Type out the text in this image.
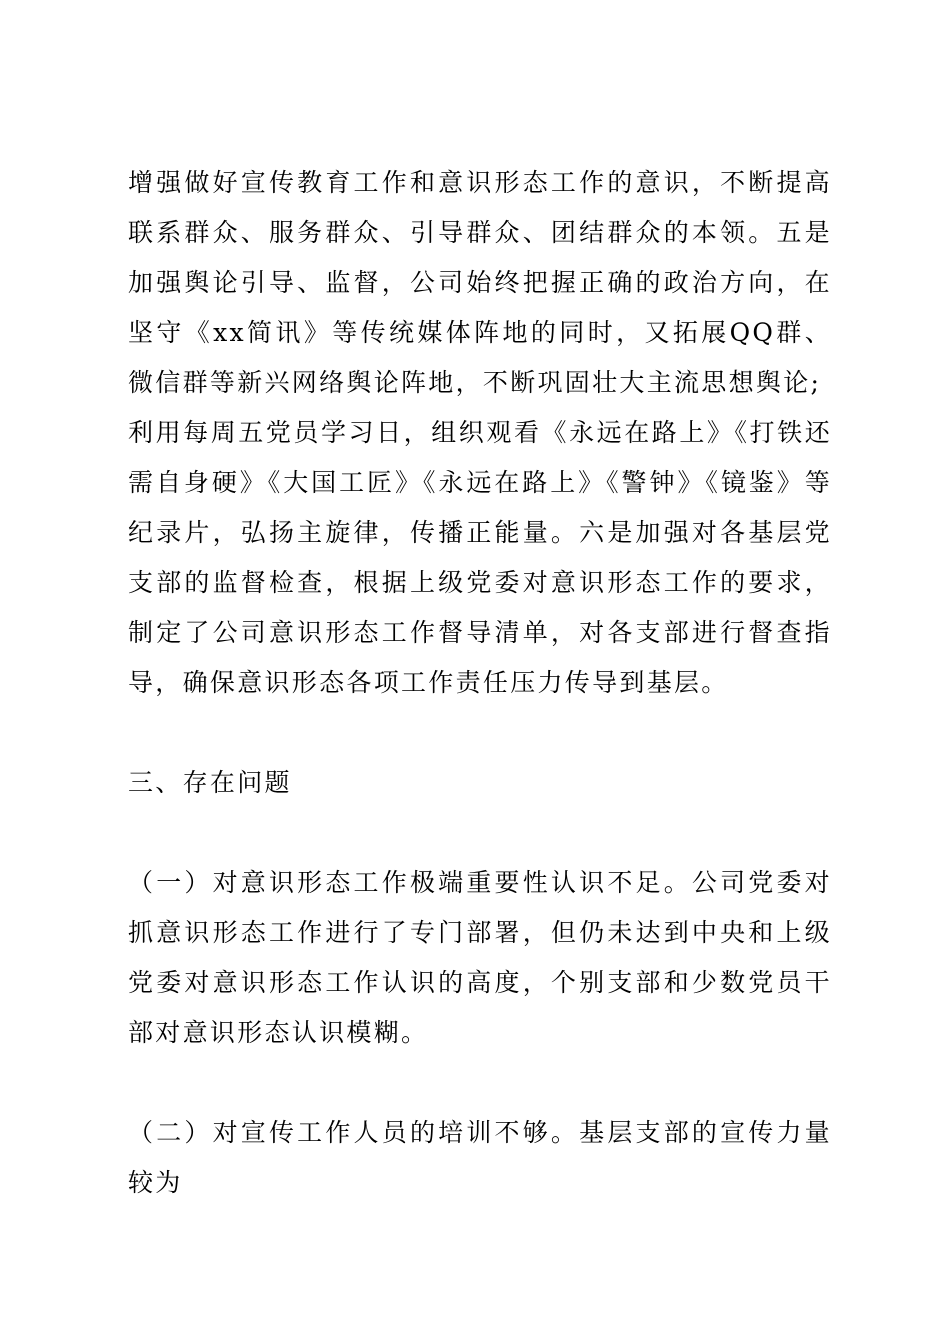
增强做好宣传教育工作和意识形态工作的意识，不断提高联系群众、服务群众、引导群众、团结群众的本领。五是加强舆论引导、监督，公司始终把握正确的政治方向，在坚守《xx简讯》等传统媒体阵地的同时，又拓展QQ群、微信群等新兴网络舆论阵地，不断巩固壮大主流思想舆论;

利用每周五党员学习日，组织观看《永远在路上》《打铁还需自身硬》《大国工匠》《永远在路上》《警钟》《镜鉴》等纪录片，弘扬主旋律，传播正能量。六是加强对各基层党支部的监督检查，根据上级党委对意识形态工作的要求，制定了公司意识形态工作督导清单，对各支部进行督查指导，确保意识形态各项工作责任压力传导到基层。

三、存在问题

（一）对意识形态工作极端重要性认识不足。公司党委对抓意识形态工作进行了专门部署，但仍未达到中央和上级党委对意识形态工作认识的高度，个别支部和少数党员干部对意识形态认识模糊。

（二）对宣传工作人员的培训不够。基层支部的宣传力量较为
